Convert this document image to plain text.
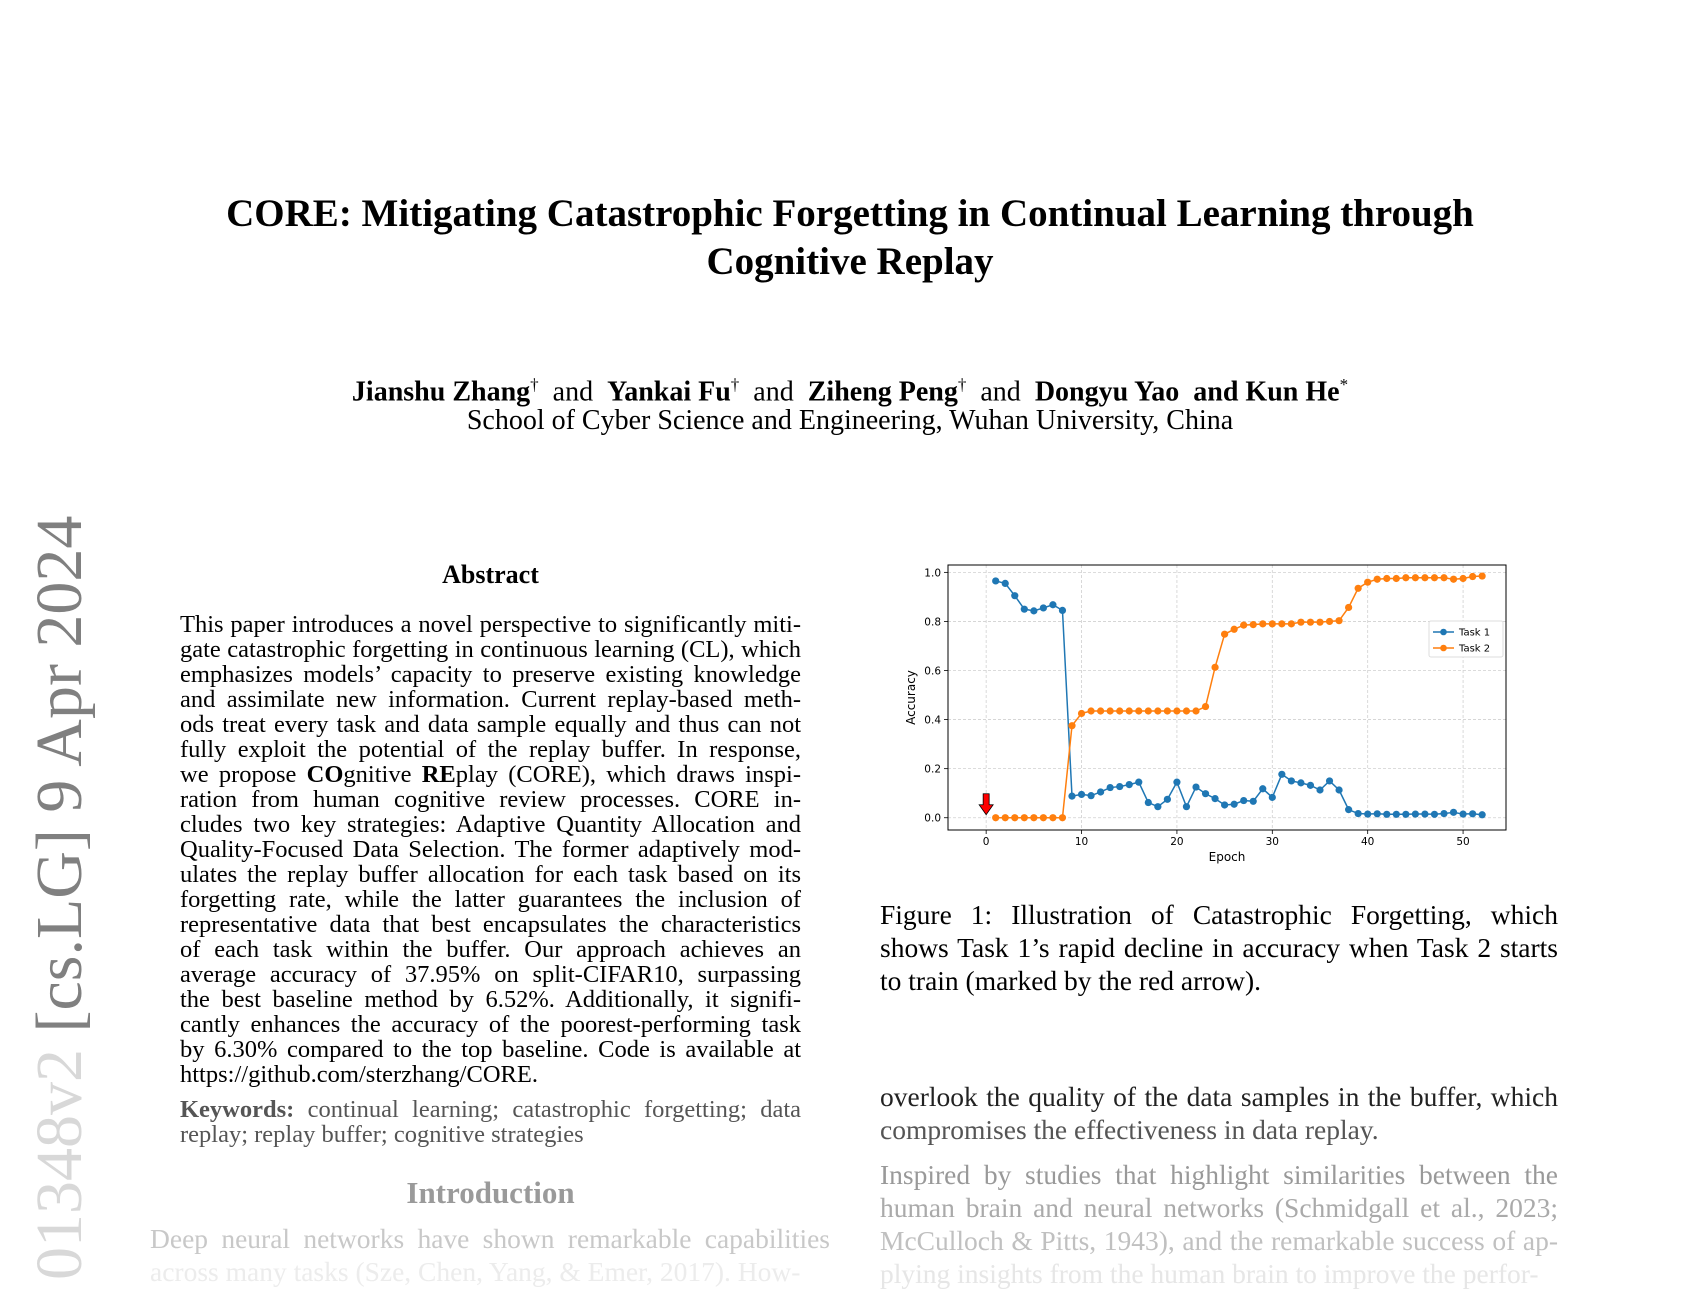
CORE: Mitigating Catastrophic Forgetting in Continual Learning through
Cognitive Replay
Jianshu Zhang† and Yankai Fu† and Ziheng Peng† and Dongyu Yao and Kun He*
School of Cyber Science and Engineering, Wuhan University, China
01348v2 [cs.LG] 9 Apr 2024	Abstract
This paper introduces a novel perspective to significantly miti-
gate catastrophic forgetting in continuous learning (CL), which
emphasizes models’ capacity to preserve existing knowledge
and assimilate new information. Current replay-based meth-
ods treat every task and data sample equally and thus can not
fully exploit the potential of the replay buffer. In response,
we propose COgnitive REplay (CORE), which draws inspi-
ration from human cognitive review processes. CORE in-
cludes two key strategies: Adaptive Quantity Allocation and
Quality-Focused Data Selection. The former adaptively mod-
ulates the replay buffer allocation for each task based on its
forgetting rate, while the latter guarantees the inclusion of
representative data that best encapsulates the characteristics
of each task within the buffer. Our approach achieves an
average accuracy of 37.95% on split-CIFAR10, surpassing
the best baseline method by 6.52%. Additionally, it signifi-
cantly enhances the accuracy of the poorest-performing task
by 6.30% compared to the top baseline. Code is available at
https://github.com/sterzhang/CORE.
Keywords: continual learning; catastrophic forgetting; data
replay; replay buffer; cognitive strategies
Introduction
Deep neural networks have shown remarkable capabilities
across many tasks (Sze, Chen, Yang, & Emer, 2017). How-
0	10	20	30	40	50
0.0
0.2
0.4
0.6
0.8
1.0
Epoch
Accuracy
Task 1
Task 2
Figure 1: Illustration of Catastrophic Forgetting, which
shows Task 1’s rapid decline in accuracy when Task 2 starts
to train (marked by the red arrow).
overlook the quality of the data samples in the buffer, which
compromises the effectiveness in data replay.
Inspired by studies that highlight similarities between the
human brain and neural networks (Schmidgall et al., 2023;
McCulloch & Pitts, 1943), and the remarkable success of ap-
plying insights from the human brain to improve the perfor-
